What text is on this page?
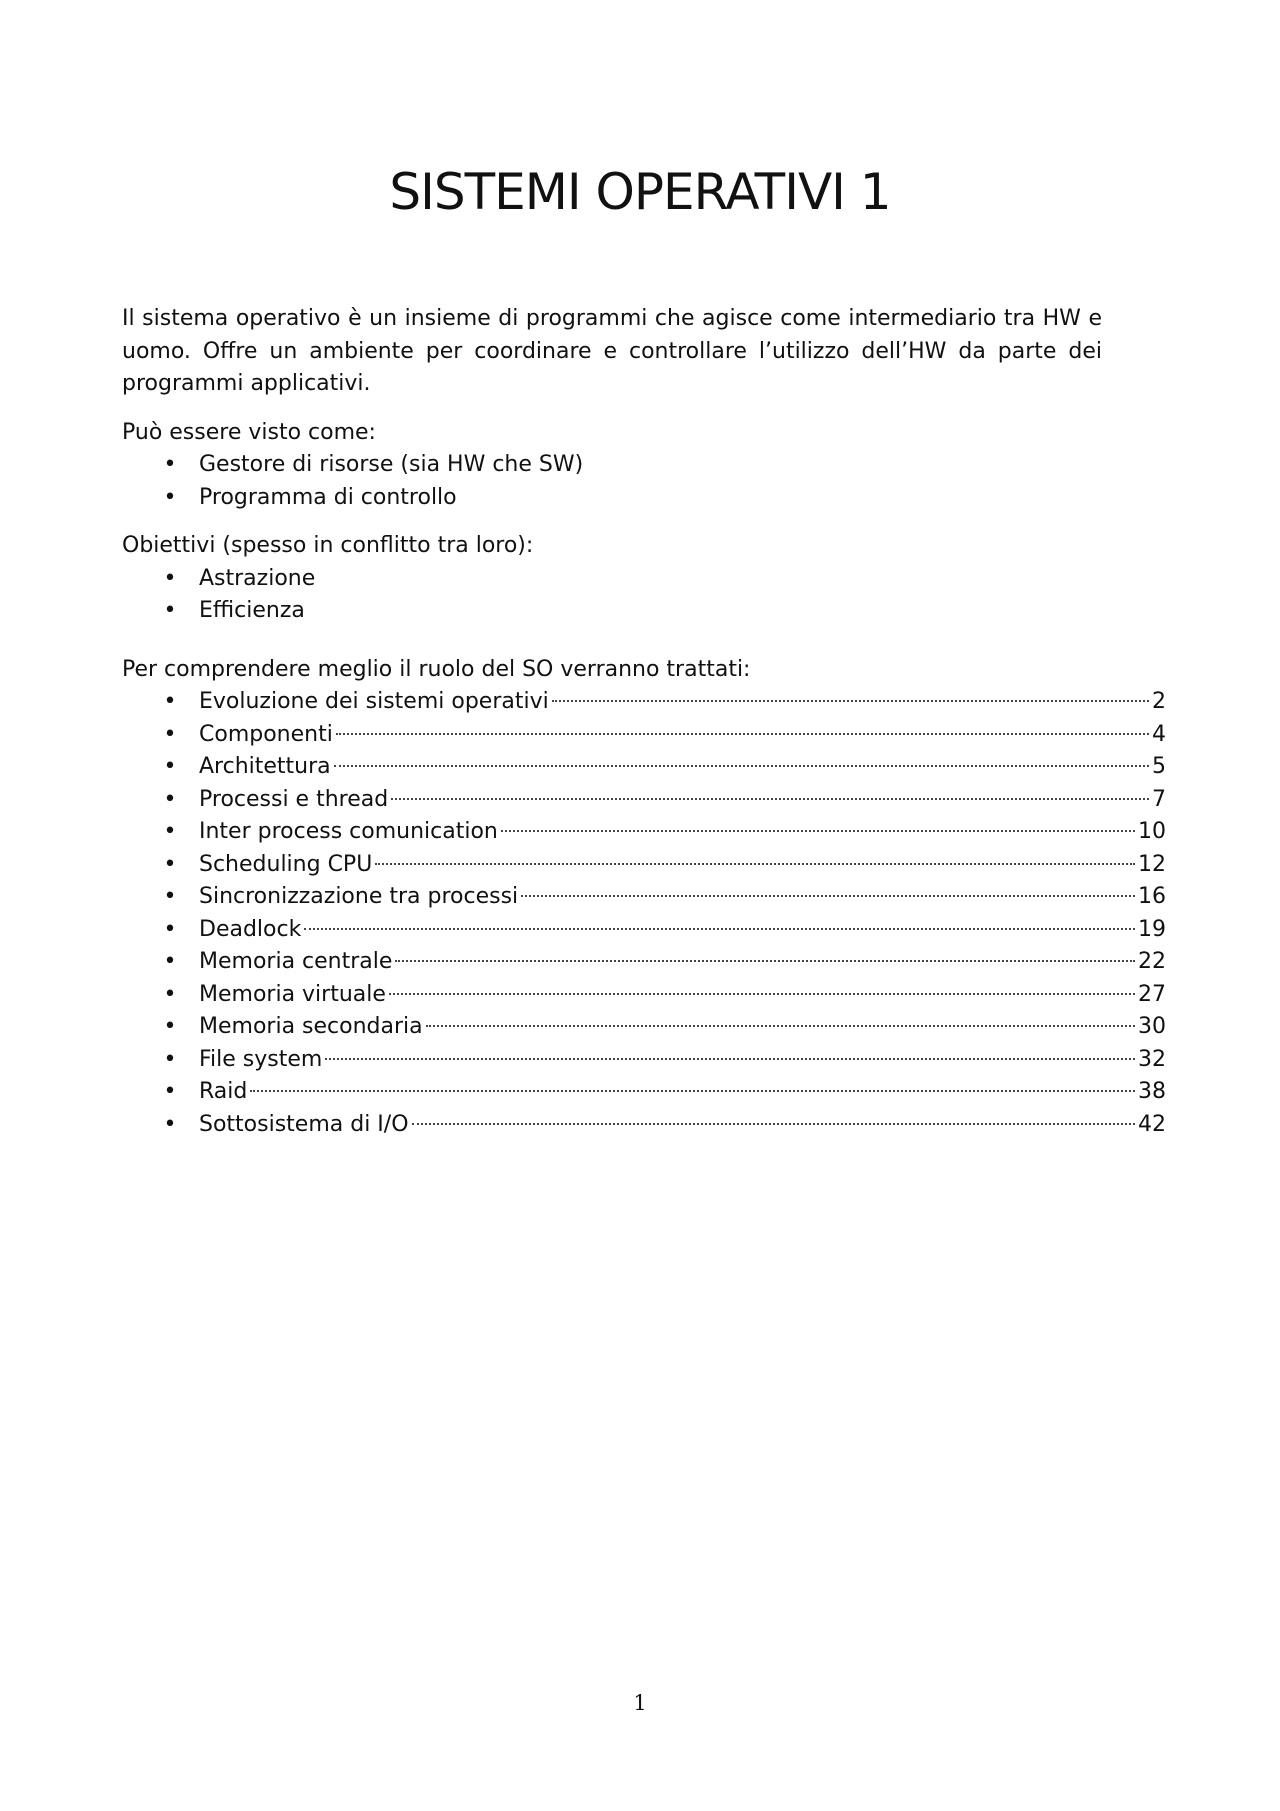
SISTEMI OPERATIVI 1

Il sistema operativo è un insieme di programmi che agisce come intermediario tra HW e uomo. Offre un ambiente per coordinare e controllare l’utilizzo dell’HW da parte dei programmi applicativi.

Può essere visto come:

• Gestore di risorse (sia HW che SW)
• Programma di controllo

Obiettivi (spesso in conflitto tra loro):

• Astrazione
• Efficienza

Per comprendere meglio il ruolo del SO verranno trattati:

• Evoluzione dei sistemi operativi	2
• Componenti	4
• Architettura	5
• Processi e thread	7
• Inter process comunication	10
• Scheduling CPU	12
• Sincronizzazione tra processi	16
• Deadlock	19
• Memoria centrale	22
• Memoria virtuale	27
• Memoria secondaria	30
• File system	32
• Raid	38
• Sottosistema di I/O	42
1
